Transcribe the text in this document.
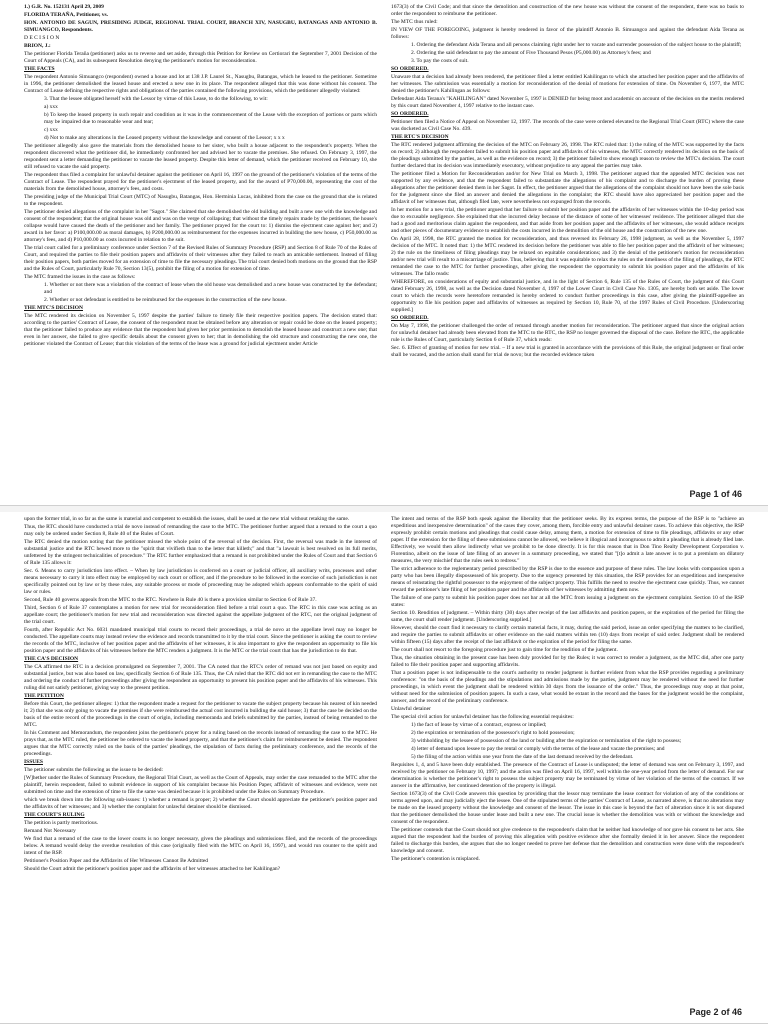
1.) G.R. No. 152131 April 29, 2009

FLORIDA TERAÑA, Petitioner, vs.

HON. ANTONIO DE SAGUN, PRESIDING JUDGE, REGIONAL TRIAL COURT, BRANCH XIV, NASUGBU, BATANGAS AND ANTONIO B. SIMUANGCO, Respondents.

D E C I S I O N

BRION, J.:

The petitioner Florida Teraña (petitioner) asks us to reverse and set aside, through this Petition for Review on Certiorari the September 7, 2001 Decision of the Court of Appeals (CA), and its subsequent Resolution denying the petitioner's motion for reconsideration.

THE FACTS

The respondent Antonio Simuangco (respondent) owned a house and lot at 138 J.P. Laurel St., Nasugbu, Batangas, which he leased to the petitioner. Sometime in 1996, the petitioner demolished the leased house and erected a new one in its place. The respondent alleged that this was done without his consent. The Contract of Lease defining the respective rights and obligations of the parties contained the following provisions, which the petitioner allegedly violated:

3. That the lessee obligated herself with the Lessor by virtue of this Lease, to do the following, to wit:

a) xxx

b) To keep the leased property in such repair and condition as it was in the commencement of the Lease with the exception of portions or parts which may be impaired due to reasonable wear and tear;

c) xxx

d) Not to make any alterations in the Leased property without the knowledge and consent of the Lessor; x x x

The petitioner allegedly also gave the materials from the demolished house to her sister, who built a house adjacent to the respondent's property. When the respondent discovered what the petitioner did, he immediately confronted her and advised her to vacate the premises. She refused. On February 3, 1997, the respondent sent a letter demanding the petitioner to vacate the leased property. Despite this letter of demand, which the petitioner received on February 10, she still refused to vacate the said property.

The respondent thus filed a complaint for unlawful detainer against the petitioner on April 16, 1997 on the ground of the petitioner's violation of the terms of the Contract of Lease. The respondent prayed for the petitioner's ejectment of the leased property, and for the award of P70,000.00, representing the cost of the materials from the demolished house, attorney's fees, and costs.

The presiding judge of the Municipal Trial Court (MTC) of Nasugbu, Batangas, Hon. Herminia Lucas, inhibited from the case on the ground that she is related to the respondent.

The petitioner denied allegations of the complaint in her "Sagot." She claimed that she demolished the old building and built a new one with the knowledge and consent of the respondent; that the original house was old and was on the verge of collapsing; that without the timely repairs made by the petitioner, the house's collapse would have caused the death of the petitioner and her family. The petitioner prayed for the court to: 1) dismiss the ejectment case against her; and 2) award in her favor: a) P100,000.00 as moral damages, b) P200,000.00 as reimbursement for the expenses incurred in building the new house, c) P50,000.00 as attorney's fees, and d) P10,000.00 as costs incurred in relation to the suit.

The trial court called for a preliminary conference under Section 7 of the Revised Rules of Summary Procedure (RSP) and Section 8 of Rule 70 of the Rules of Court, and required the parties to file their position papers and affidavits of their witnesses after they failed to reach an amicable settlement. Instead of filing their position papers, both parties moved for an extension of time to file the necessary pleadings. The trial court denied both motions on the ground that the RSP and the Rules of Court, particularly Rule 70, Section 13(5), prohibit the filing of a motion for extension of time.

The MTC framed the issues in the case as follows:

1. Whether or not there was a violation of the contract of lease when the old house was demolished and a new house was constructed by the defendant; and

2. Whether or not defendant is entitled to be reimbursed for the expenses in the construction of the new house.

THE MTC'S DECISION

The MTC rendered its decision on November 5, 1997 despite the parties' failure to timely file their respective position papers. The decision stated that: according to the parties' Contract of Lease, the consent of the respondent must be obtained before any alteration or repair could be done on the leased property; that the petitioner failed to produce any evidence that the respondent had given her prior permission to demolish the leased house and construct a new one; that even in her answer, she failed to give specific details about the consent given to her; that in demolishing the old structure and constructing the new one, the petitioner violated the Contract of Lease; that this violation of the terms of the lease was a ground for judicial ejectment under Article

1673(3) of the Civil Code; and that since the demolition and construction of the new house was without the consent of the respondent, there was no basis to order the respondent to reimburse the petitioner.

The MTC thus ruled:

IN VIEW OF THE FOREGOING, judgment is hereby rendered in favor of the plaintiff Antonio B. Simuangco and against the defendant Aida Terana as follows:

1. Ordering the defendant Aida Terana and all persons claiming right under her to vacate and surrender possession of the subject house to the plaintiff;

2. Ordering the said defendant to pay the amount of Five Thousand Pesos (P5,000.00) as Attorney's fees; and

3. To pay the costs of suit.

SO ORDERED.

Unaware that a decision had already been rendered, the petitioner filed a letter entitled Kahilingan to which she attached her position paper and the affidavits of her witnesses. The submission was essentially a motion for reconsideration of the denial of motions for extension of time. On November 6, 1977, the MTC denied the petitioner's Kahilingan as follows:

Defendant Aida Terana's "KAHILINGAN" dated November 5, 1997 is DENIED for being moot and academic on account of the decision on the merits rendered by this court dated November 4, 1997 relative to the instant case.

SO ORDERED.

Petitioner then filed a Notice of Appeal on November 12, 1997. The records of the case were ordered elevated to the Regional Trial Court (RTC) where the case was docketed as Civil Case No. 439.

THE RTC'S DECISION

The RTC rendered judgment affirming the decision of the MTC on February 26, 1998. The RTC ruled that: 1) the ruling of the MTC was supported by the facts on record; 2) although the respondent failed to submit his position paper and affidavits of his witnesses, the MTC correctly rendered its decision on the basis of the pleadings submitted by the parties, as well as the evidence on record; 3) the petitioner failed to show enough reason to review the MTC's decision. The court further declared that its decision was immediately executory, without prejudice to any appeal the parties may take.

The petitioner filed a Motion for Reconsideration and/or for New Trial on March 3, 1998. The petitioner argued that the appealed MTC decision was not supported by any evidence, and that the respondent failed to substantiate the allegations of his complaint and to discharge the burden of proving these allegations after the petitioner denied them in her Sagot. In effect, the petitioner argued that the allegations of the complaint should not have been the sole basis for the judgment since she filed an answer and denied the allegations in the complaint; the RTC should have also appreciated her position paper and the affidavit of her witnesses that, although filed late, were nevertheless not expunged from the records.

In her motion for a new trial, the petitioner argued that her failure to submit her position paper and the affidavits of her witnesses within the 10-day period was due to excusable negligence. She explained that she incurred delay because of the distance of some of her witnesses' residence. The petitioner alleged that she had a good and meritorious claim against the respondent, and that aside from her position paper and the affidavits of her witnesses, she would adduce receipts and other pieces of documentary evidence to establish the costs incurred in the demolition of the old house and the construction of the new one.

On April 28, 1998, the RTC granted the motion for reconsideration, and thus reversed its February 26, 1998 judgment, as well as the November 5, 1997 decision of the MTC. It noted that: 1) the MTC rendered its decision before the petitioner was able to file her position paper and the affidavit of her witnesses; 2) the rule on the timeliness of filing pleadings may be relaxed on equitable considerations; and 3) the denial of the petitioner's motion for reconsideration and/or new trial will result to a miscarriage of justice. Thus, believing that it was equitable to relax the rules on the timeliness of the filing of pleadings, the RTC remanded the case to the MTC for further proceedings, after giving the respondent the opportunity to submit his position paper and the affidavits of his witnesses. The fallo reads:

WHEREFORE, on considerations of equity and substantial justice, and in the light of Section 6, Rule 135 of the Rules of Court, the judgment of this Court dated February 26, 1998, as well as the Decision dated November 4, 1997 of the Lower Court in Civil Case No. 1305, are hereby both set aside. The lower court to which the records were heretofore remanded is hereby ordered to conduct further proceedings in this case, after giving the plaintiff-appellee an opportunity to file his position paper and affidavits of witnesses as required by Section 10, Rule 70, of the 1997 Rules of Civil Procedure. [Underscoring supplied.]

SO ORDERED.

On May 7, 1998, the petitioner challenged the order of remand through another motion for reconsideration. The petitioner argued that since the original action for unlawful detainer had already been elevated from the MTC to the RTC, the RSP no longer governed the disposal of the case. Before the RTC, the applicable rule is the Rules of Court, particularly Section 6 of Rule 37, which reads:

Sec. 6. Effect of granting of motion for new trial. – If a new trial is granted in accordance with the provisions of this Rule, the original judgment or final order shall be vacated, and the action shall stand for trial de novo; but the recorded evidence taken

Page 1 of 46

upon the former trial, in so far as the same is material and competent to establish the issues, shall be used at the new trial without retaking the same.

Thus, the RTC should have conducted a trial de novo instead of remanding the case to the MTC. The petitioner further argued that a remand to the court a quo may only be ordered under Section 8, Rule 40 of the Rules of Court.

The RTC denied the motion noting that the petitioner missed the whole point of the reversal of the decision. First, the reversal was made in the interest of substantial justice and the RTC hewed more to the "spirit that vivifieth than to the letter that killeth;" and that "a lawsuit is best resolved on its full merits, unfettered by the stringent technicalities of procedure." The RTC further emphasized that a remand is not prohibited under the Rules of Court and that Section 6 of Rule 135 allows it:

Sec. 6. Means to carry jurisdiction into effect. – When by law jurisdiction is conferred on a court or judicial officer, all auxiliary writs, processes and other means necessary to carry it into effect may be employed by such court or officer, and if the procedure to be followed in the exercise of such jurisdiction is not specifically pointed out by law or by these rules, any suitable process or mode of proceeding may be adopted which appears conformable to the spirit of said law or rules.

Second, Rule 40 governs appeals from the MTC to the RTC. Nowhere in Rule 40 is there a provision similar to Section 6 of Rule 37.

Third, Section 6 of Rule 37 contemplates a motion for new trial for reconsideration filed before a trial court a quo. The RTC in this case was acting as an appellate court; the petitioner's motion for new trial and reconsideration was directed against the appellate judgment of the RTC, not the original judgment of the trial court.

Fourth, after Republic Act No. 6031 mandated municipal trial courts to record their proceedings, a trial de novo at the appellate level may no longer be conducted. The appellate courts may instead review the evidence and records transmitted to it by the trial court. Since the petitioner is asking the court to review the records of the MTC, inclusive of her position paper and the affidavits of her witnesses, it is also important to give the respondent an opportunity to file his position paper and the affidavits of his witnesses before the MTC renders a judgment. It is the MTC or the trial court that has the jurisdiction to do that.

THE CA'S DECISION

The CA affirmed the RTC in a decision promulgated on September 7, 2001. The CA noted that the RTC's order of remand was not just based on equity and substantial justice, but was also based on law, specifically Section 6 of Rule 135. Thus, the CA ruled that the RTC did not err in remanding the case to the MTC and ordering the conduct of further proceedings after giving the respondent an opportunity to present his position paper and the affidavits of his witnesses. This ruling did not satisfy petitioner, giving way to the present petition.

THE PETITION

Before this Court, the petitioner alleges: 1) that the respondent made a request for the petitioner to vacate the subject property because his nearest of kin needed it; 2) that she was only going to vacate the premises if she were reimbursed the actual cost incurred in building the said house; 3) that the case be decided on the basis of the entire record of the proceedings in the court of origin, including memoranda and briefs submitted by the parties, instead of being remanded to the MTC.

In his Comment and Memorandum, the respondent joins the petitioner's prayer for a ruling based on the records instead of remanding the case to the MTC. He prays that, as the MTC ruled, the petitioner be ordered to vacate the leased property, and that the petitioner's claim for reimbursement be denied. The respondent argues that the MTC correctly ruled on the basis of the parties' pleadings, the stipulation of facts during the preliminary conference, and the records of the proceedings.

ISSUES

The petitioner submits the following as the issue to be decided:

[W]hether under the Rules of Summary Procedure, the Regional Trial Court, as well as the Court of Appeals, may order the case remanded to the MTC after the plaintiff, herein respondent, failed to submit evidence in support of his complaint because his Position Paper, affidavit of witnesses and evidence, were not submitted on time and the extension of time to file the same was denied because it is prohibited under the Rules on Summary Procedure.

which we break down into the following sub-issues: 1) whether a remand is proper; 2) whether the Court should appreciate the petitioner's position paper and the affidavits of her witnesses; and 3) whether the complaint for unlawful detainer should be dismissed.

THE COURT'S RULING

The petition is partly meritorious.

Remand Not Necessary

We find that a remand of the case to the lower courts is no longer necessary, given the pleadings and submissions filed, and the records of the proceedings below. A remand would delay the overdue resolution of this case (originally filed with the MTC on April 16, 1997), and would run counter to the spirit and intent of the RSP.

Petitioner's Position Paper and the Affidavits of Her Witnesses Cannot Be Admitted

Should the Court admit the petitioner's position paper and the affidavits of her witnesses attached to her Kahilingan?

The intent and terms of the RSP both speak against the liberality that the petitioner seeks. By its express terms, the purpose of the RSP is to "achieve an expeditious and inexpensive determination" of the cases they cover, among them, forcible entry and unlawful detainer cases. To achieve this objective, the RSP expressly prohibit certain motions and pleadings that could cause delay, among them, a motion for extension of time to file pleadings, affidavits or any other paper. If the extension for the filing of these submissions cannot be allowed, we believe it illogical and incongruous to admit a pleading that is already filed late. Effectively, we would then allow indirectly what we prohibit to be done directly. It is for this reason that in Don Tino Realty Development Corporation v. Florentino, albeit on the issue of late filing of an answer in a summary proceeding, we stated that "[t]o admit a late answer is to put a premium on dilatory measures, the very mischief that the rules seek to redress."

The strict adherence to the reglementary period prescribed by the RSP is due to the essence and purpose of these rules. The law looks with compassion upon a party who has been illegally dispossessed of his property. Due to the urgency presented by this situation, the RSP provides for an expeditious and inexpensive means of reinstating the rightful possessor to the enjoyment of the subject property. This fulfills the need to resolve the ejectment case quickly. Thus, we cannot reward the petitioner's late filing of her position paper and the affidavits of her witnesses by admitting them now.

The failure of one party to submit his position paper does not bar at all the MTC from issuing a judgment on the ejectment complaint. Section 10 of the RSP states:

Section 10. Rendition of judgment. – Within thirty (30) days after receipt of the last affidavits and position papers, or the expiration of the period for filing the same, the court shall render judgment. [Underscoring supplied.]

However, should the court find it necessary to clarify certain material facts, it may, during the said period, issue an order specifying the matters to be clarified, and require the parties to submit affidavits or other evidence on the said matters within ten (10) days from receipt of said order. Judgment shall be rendered within fifteen (15) days after the receipt of the last affidavit or the expiration of the period for filing the same.

The court shall not resort to the foregoing procedure just to gain time for the rendition of the judgment.

Thus, the situation obtaining in the present case has been duly provided for by the Rules; it was correct to render a judgment, as the MTC did, after one party failed to file their position paper and supporting affidavits.

That a position paper is not indispensable to the court's authority to render judgment is further evident from what the RSP provides regarding a preliminary conference: "on the basis of the pleadings and the stipulations and admissions made by the parties, judgment may be rendered without the need for further proceedings, in which event the judgment shall be rendered within 30 days from the issuance of the order." Thus, the proceedings may stop at that point, without need for the submission of position papers. In such a case, what would be extant in the record and the bases for the judgment would be the complaint, answer, and the record of the preliminary conference.

Unlawful detainer

The special civil action for unlawful detainer has the following essential requisites:

1) the fact of lease by virtue of a contract, express or implied;

2) the expiration or termination of the possessor's right to hold possession;

3) withholding by the lessee of possession of the land or building after the expiration or termination of the right to possess;

4) letter of demand upon lessee to pay the rental or comply with the terms of the lease and vacate the premises; and

5) the filing of the action within one year from the date of the last demand received by the defendant.

Requisites 1, 4, and 5 have been duly established. The presence of the Contract of Lease is undisputed; the letter of demand was sent on February 3, 1997, and received by the petitioner on February 10, 1997; and the action was filed on April 16, 1997, well within the one-year period from the letter of demand. For our determination is whether the petitioner's right to possess the subject property may be terminated by virtue of her violation of the terms of the contract. If we answer in the affirmative, her continued detention of the property is illegal.

Section 1673(3) of the Civil Code answers this question by providing that the lessor may terminate the lease contract for violation of any of the conditions or terms agreed upon, and may judicially eject the lessee. One of the stipulated terms of the parties' Contract of Lease, as narrated above, is that no alterations may be made on the leased property without the knowledge and consent of the lessor. The issue in this case is beyond the fact of alteration since it is not disputed that the petitioner demolished the house under lease and built a new one. The crucial issue is whether the demolition was with or without the knowledge and consent of the respondent.

The petitioner contends that the Court should not give credence to the respondent's claim that he neither had knowledge of nor gave his consent to her acts. She argued that the respondent had the burden of proving this allegation with positive evidence after she formally denied it in her answer. Since the respondent failed to discharge this burden, she argues that she no longer needed to prove her defense that the demolition and construction were done with the respondent's knowledge and consent.

The petitioner's contention is misplaced.

Page 2 of 46
